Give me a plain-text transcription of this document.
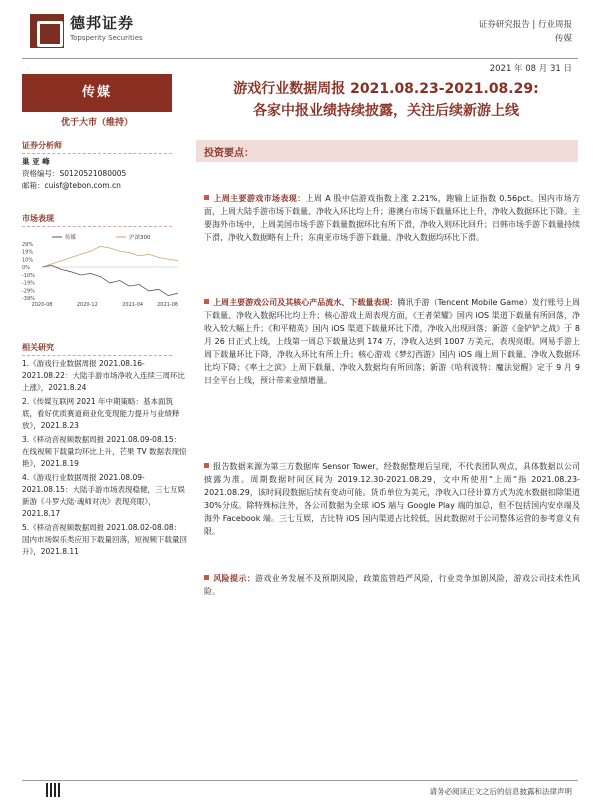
德邦证券
Topsperity Securities
证券研究报告 | 行业周报
传媒
2021 年 08 月 31 日
传媒
优于大市（维持）
证券分析师
巢 亚 峰
资格编号：S0120521080005
邮箱：cuisf@tebon.com.cn
市场表现
29%
19%
10%
0%
-10%
-19%
-29%
-39%
2020-08	2020-12	2021-04	2021-08
传媒	沪深300
相关研究
1.《游戏行业数据周报 2021.08.16-2021.08.22：大陆手游市场净收入连续三周环比上涨》，2021.8.24
2.《传媒互联网 2021 年中期策略：基本面筑底，看好优质赛道商业化变现能力提升与业绩释放》，2021.8.23
3.《移动音视频数据周报 2021.08.09-08.15：在线视频下载量均环比上升，芒果 TV 数据表现惊艳》，2021.8.19
4.《游戏行业数据周报 2021.08.09-2021.08.15：大陆手游市场表现稳健，三七互娱新游《斗罗大陆·魂师对决》表现亮眼》，2021.8.17
5.《移动音视频数据周报 2021.08.02-08.08：国内市场娱乐类应用下载量回落，短视频下载量回升》，2021.8.11
游戏行业数据周报 2021.08.23-2021.08.29:
各家中报业绩持续披露，关注后续新游上线
投资要点：
上周主要游戏市场表现：上周 A 股中信游戏指数上涨 2.21%，跑输上证指数 0.56pct。国内市场方面，上周大陆手游市场下载量、净收入环比均上升；港澳台市场下载量环比上升，净收入数据环比下降。主要海外市场中，上周美国市场手游下载量数据环比有所下滑，净收入则环比回升；日韩市场手游下载量持续下滑，净收入数据略有上升；东南亚市场手游下载量、净收入数据均环比下滑。
上周主要游戏公司及其核心产品流水、下载量表现：腾讯手游（Tencent Mobile Game）发行账号上周下载量、净收入数据环比均上升；核心游戏上周表现方面，《王者荣耀》国内 iOS 渠道下载量有所回落，净收入较大幅上升；《和平精英》国内 iOS 渠道下载量环比下滑，净收入出现回落；新游《金铲铲之战》于 8 月 26 日正式上线，上线第一周总下载量达到 174 万，净收入达到 1007 万美元，表现亮眼。网易手游上周下载量环比下降，净收入环比有所上升；核心游戏《梦幻西游》国内 iOS 端上周下载量、净收入数据环比均下降；《率土之滨》上周下载量、净收入数据均有所回落；新游《哈利波特：魔法觉醒》定于 9 月 9 日全平台上线，预计带来业绩增量。
报告数据来源为第三方数据库 Sensor Tower，经数据整理后呈现，不代表团队观点，具体数据以公司披露为准。周期数据时间区间为 2019.12.30-2021.08.29，文中所使用“上周”指 2021.08.23-2021.08.29，该时间段数据后续有变动可能。货币单位为美元，净收入口径计算方式为流水数据扣除渠道 30%分成。除特殊标注外，各公司数据为全球 iOS 端与 Google Play 端的加总，但不包括国内安卓端及海外 Facebook 端。三七互娱，吉比特 iOS 国内渠道占比较低，因此数据对于公司整体运营的参考意义有限。
风险提示：游戏业务发展不及预期风险，政策监管趋严风险，行业竞争加剧风险，游戏公司技术性风险。
请务必阅读正文之后的信息披露和法律声明
